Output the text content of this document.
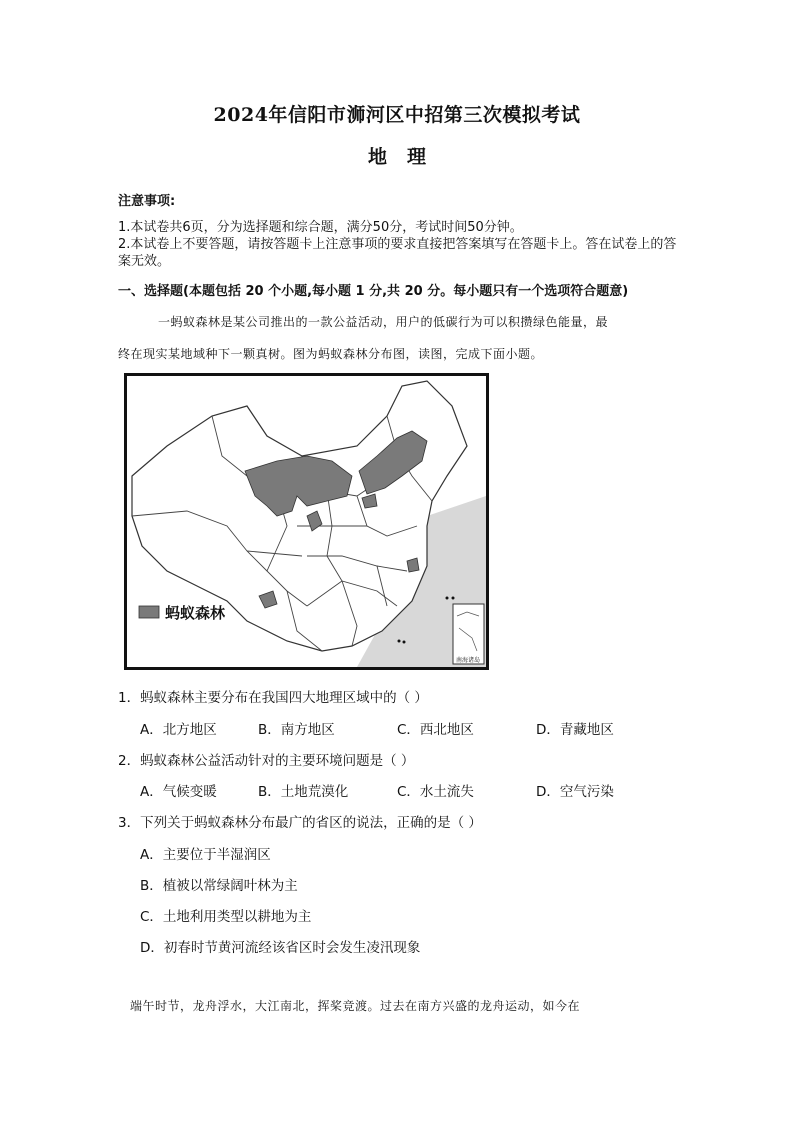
2024年信阳市浉河区中招第三次模拟考试
地理
注意事项:
1.本试卷共6页，分为选择题和综合题，满分50分，考试时间50分钟。
2.本试卷上不要答题，请按答题卡上注意事项的要求直接把答案填写在答题卡上。答在试卷上的答案无效。
一、选择题(本题包括 20 个小题,每小题 1 分,共 20 分。每小题只有一个选项符合题意)
一蚂蚁森林是某公司推出的一款公益活动，用户的低碳行为可以积攒绿色能量，最
终在现实某地域种下一颗真树。图为蚂蚁森林分布图，读图，完成下面小题。
蚂蚁森林
南海诸岛
1．蚂蚁森林主要分布在我国四大地理区域中的（ ）
A．北方地区	B．南方地区	C．西北地区	D．青藏地区
2．蚂蚁森林公益活动针对的主要环境问题是（ ）
A．气候变暖	B．土地荒漠化	C．水土流失	D．空气污染
3．下列关于蚂蚁森林分布最广的省区的说法，正确的是（ ）
A．主要位于半湿润区
B．植被以常绿阔叶林为主
C．土地利用类型以耕地为主
D．初春时节黄河流经该省区时会发生凌汛现象
端午时节，龙舟浮水，大江南北，挥桨竞渡。过去在南方兴盛的龙舟运动，如今在
